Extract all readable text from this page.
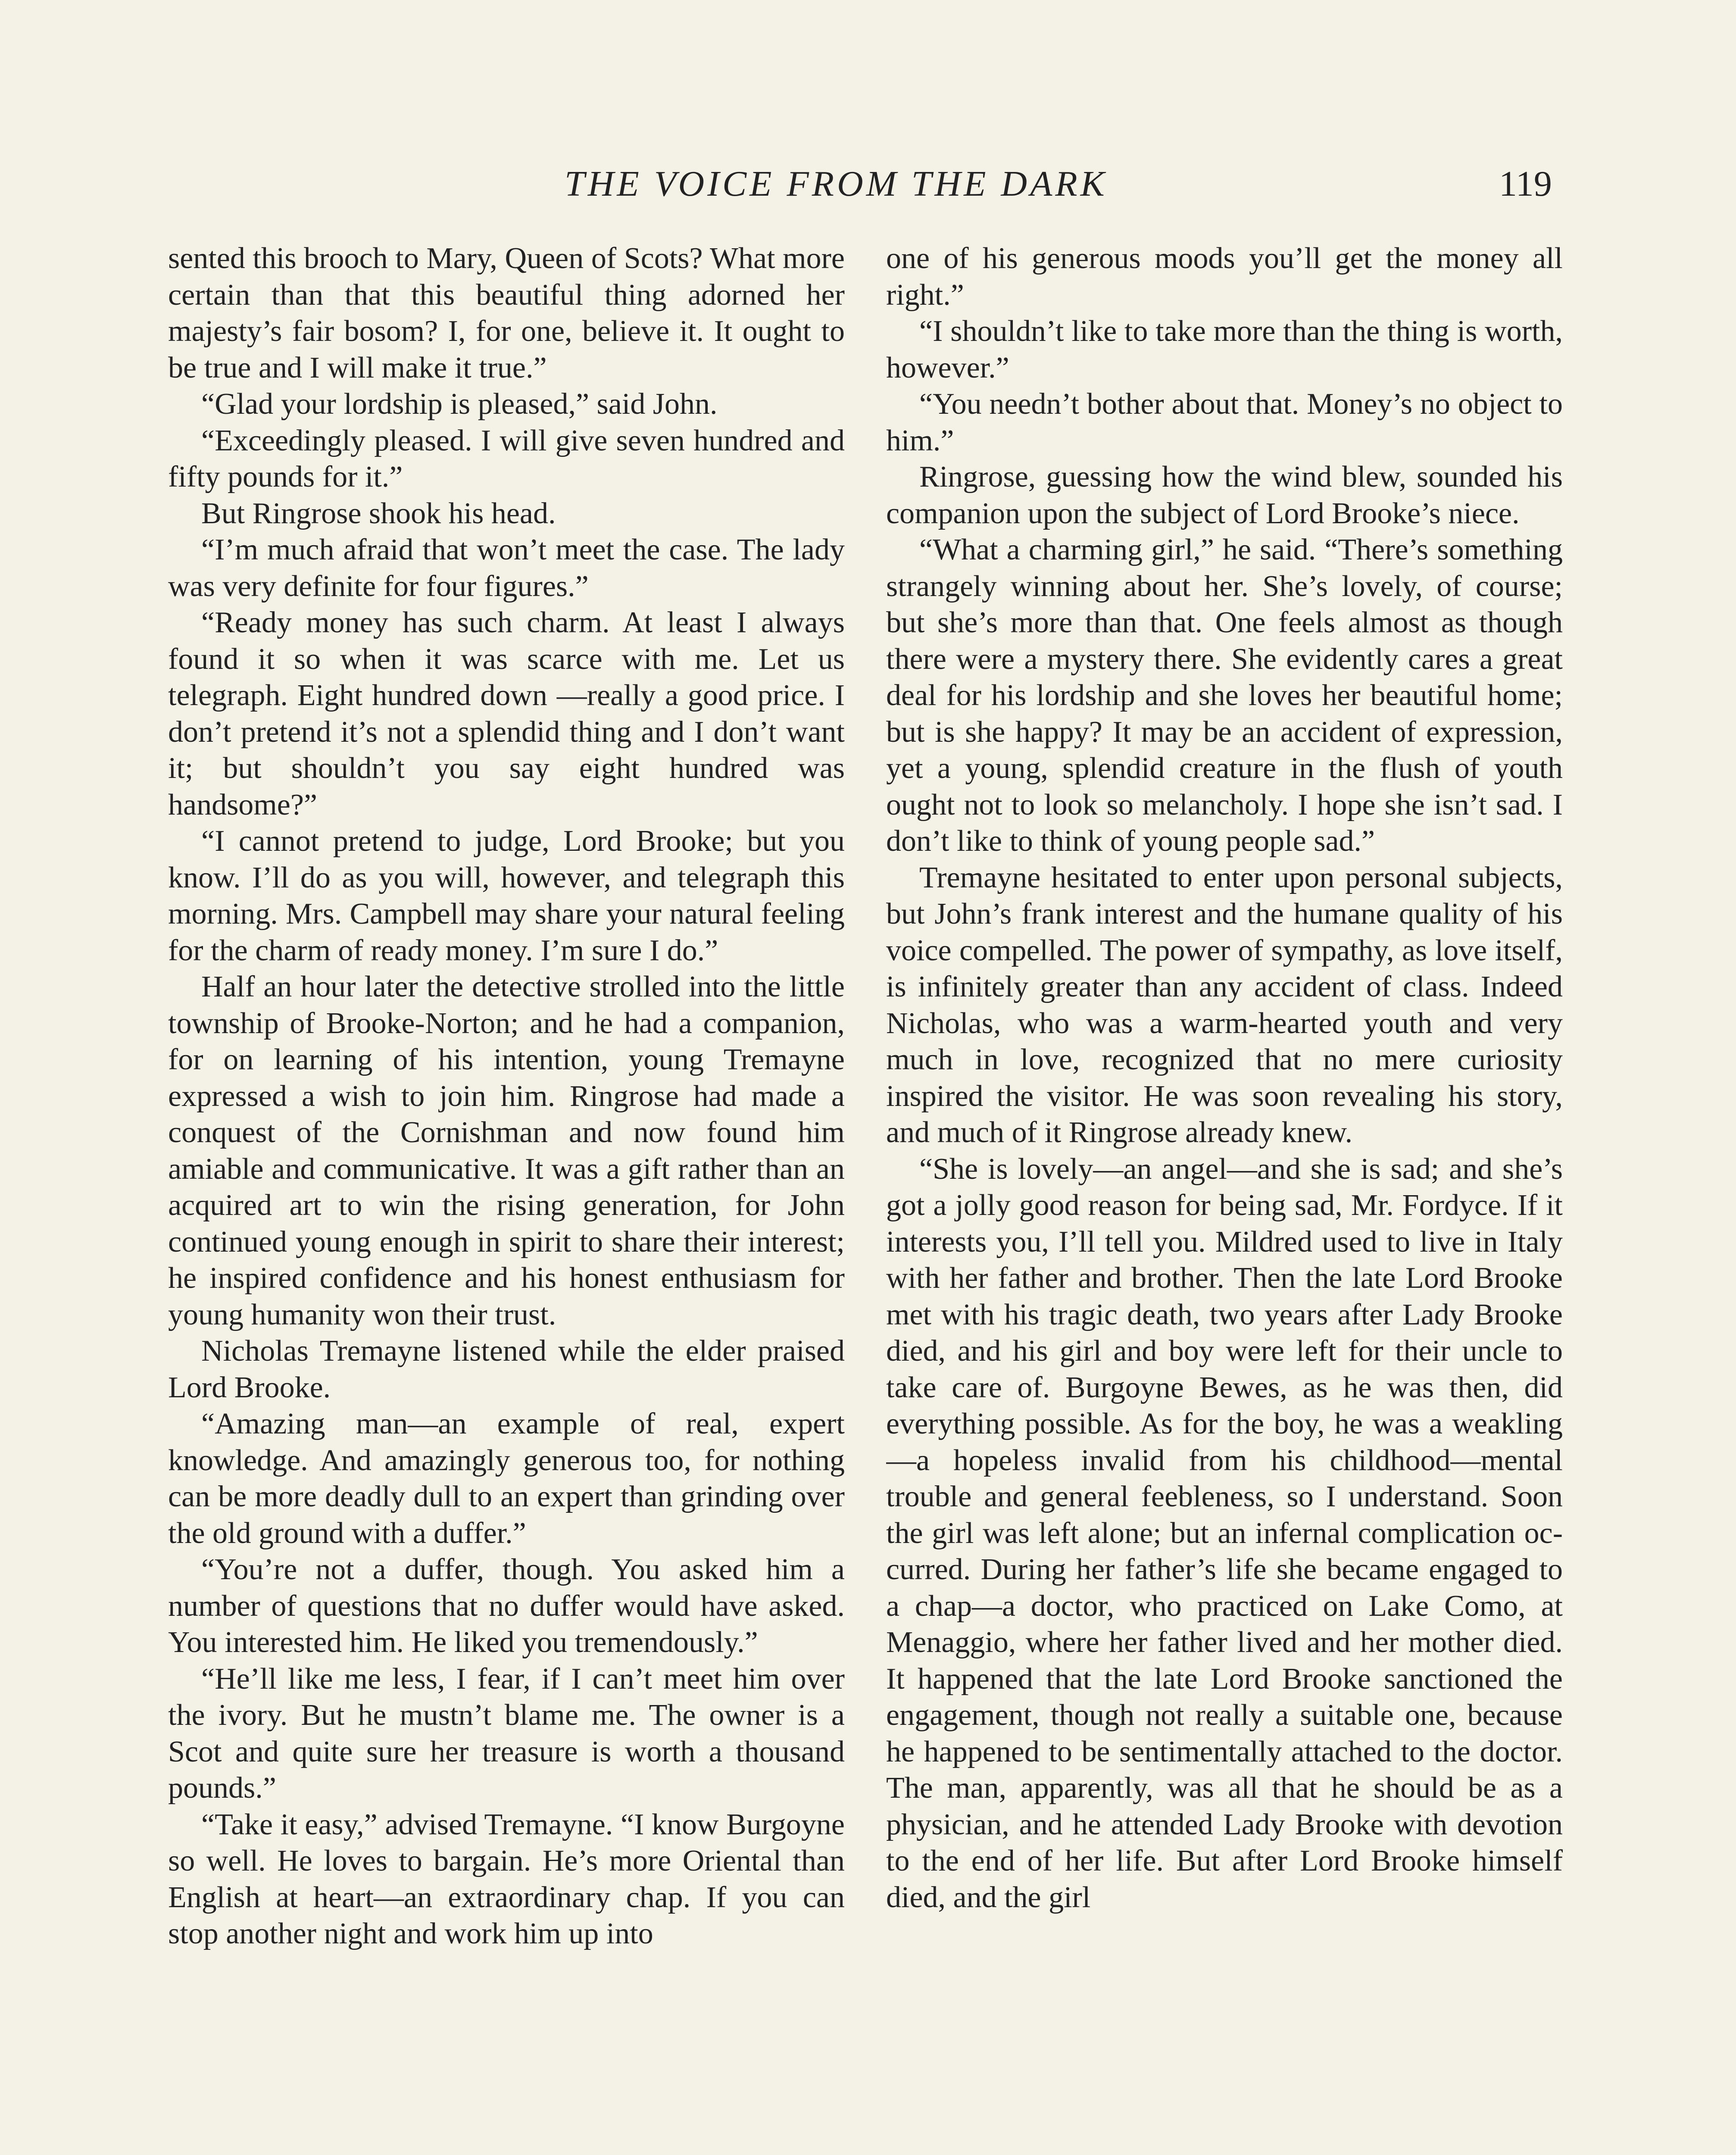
THE VOICE FROM THE DARK	119

sented this brooch to Mary, Queen of Scots? What more certain than that this beautiful thing adorned her majesty’s fair bosom? I, for one, believe it. It ought to be true and I will make it true.”

“Glad your lordship is pleased,” said John.

“Exceedingly pleased. I will give seven hundred and fifty pounds for it.”

But Ringrose shook his head.

“I’m much afraid that won’t meet the case. The lady was very definite for four figures.”

“Ready money has such charm. At least I always found it so when it was scarce with me. Let us telegraph. Eight hundred down —really a good price. I don’t pretend it’s not a splendid thing and I don’t want it; but shouldn’t you say eight hundred was handsome?”

“I cannot pretend to judge, Lord Brooke; but you know. I’ll do as you will, however, and telegraph this morning. Mrs. Campbell may share your natural feeling for the charm of ready money. I’m sure I do.”

Half an hour later the detective strolled into the little township of Brooke-Norton; and he had a companion, for on learning of his intention, young Tremayne expressed a wish to join him. Ringrose had made a conquest of the Cornishman and now found him amiable and communicative. It was a gift rather than an acquired art to win the rising generation, for John continued young enough in spirit to share their interest; he inspired confidence and his honest enthusiasm for young humanity won their trust.

Nicholas Tremayne listened while the elder praised Lord Brooke.

“Amazing man—an example of real, expert knowledge. And amazingly generous too, for nothing can be more deadly dull to an expert than grinding over the old ground with a duffer.”

“You’re not a duffer, though. You asked him a number of questions that no duffer would have asked. You interested him. He liked you tremendously.”

“He’ll like me less, I fear, if I can’t meet him over the ivory. But he mustn’t blame me. The owner is a Scot and quite sure her treasure is worth a thousand pounds.”

“Take it easy,” advised Tremayne. “I know Burgoyne so well. He loves to bargain. He’s more Oriental than English at heart—an extraordinary chap. If you can stop another night and work him up into

one of his generous moods you’ll get the money all right.”

“I shouldn’t like to take more than the thing is worth, however.”

“You needn’t bother about that. Money’s no object to him.”

Ringrose, guessing how the wind blew, sounded his companion upon the subject of Lord Brooke’s niece.

“What a charming girl,” he said. “There’s something strangely winning about her. She’s lovely, of course; but she’s more than that. One feels almost as though there were a mystery there. She evidently cares a great deal for his lordship and she loves her beautiful home; but is she happy? It may be an accident of expression, yet a young, splendid creature in the flush of youth ought not to look so melancholy. I hope she isn’t sad. I don’t like to think of young people sad.”

Tremayne hesitated to enter upon personal subjects, but John’s frank interest and the humane quality of his voice compelled. The power of sympathy, as love itself, is infinitely greater than any accident of class. Indeed Nicholas, who was a warm-hearted youth and very much in love, recognized that no mere curiosity inspired the visitor. He was soon revealing his story, and much of it Ringrose already knew.

“She is lovely—an angel—and she is sad; and she’s got a jolly good reason for being sad, Mr. Fordyce. If it interests you, I’ll tell you. Mildred used to live in Italy with her father and brother. Then the late Lord Brooke met with his tragic death, two years after Lady Brooke died, and his girl and boy were left for their uncle to take care of. Burgoyne Bewes, as he was then, did everything possible. As for the boy, he was a weakling—a hopeless invalid from his childhood—mental trouble and general feebleness, so I understand. Soon the girl was left alone; but an infernal complication occurred. During her father’s life she became engaged to a chap—a doctor, who practiced on Lake Como, at Menaggio, where her father lived and her mother died. It happened that the late Lord Brooke sanctioned the engagement, though not really a suitable one, because he happened to be sentimentally attached to the doctor. The man, apparently, was all that he should be as a physician, and he attended Lady Brooke with devotion to the end of her life. But after Lord Brooke himself died, and the girl
